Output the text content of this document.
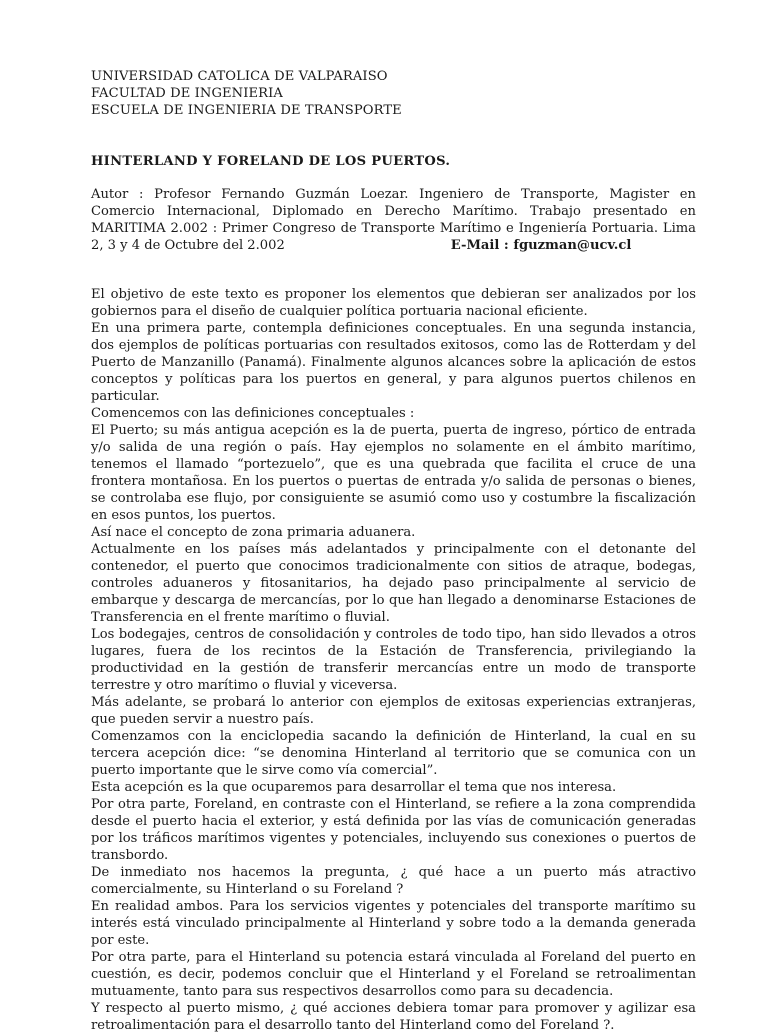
UNIVERSIDAD CATOLICA DE VALPARAISO
FACULTAD DE INGENIERIA
ESCUELA DE INGENIERIA DE TRANSPORTE
HINTERLAND Y FORELAND DE LOS PUERTOS.
Autor : Profesor Fernando Guzmán Loezar. Ingeniero de Transporte, Magister en Comercio Internacional, Diplomado en Derecho Marítimo. Trabajo presentado en MARITIMA 2.002 : Primer Congreso de Transporte Marítimo e Ingeniería Portuaria. Lima 2, 3 y 4 de Octubre del 2.002	E-Mail : fguzman@ucv.cl

El objetivo de este texto es proponer los elementos que debieran ser analizados por los gobiernos para el diseño de cualquier política portuaria nacional eficiente.

En una primera parte, contempla definiciones conceptuales. En una segunda instancia, dos ejemplos de políticas portuarias con resultados exitosos, como las de Rotterdam y del Puerto de Manzanillo (Panamá). Finalmente algunos alcances sobre la aplicación de estos conceptos y políticas para los puertos en general, y para algunos puertos chilenos en particular.

Comencemos con las definiciones conceptuales :

El Puerto; su más antigua acepción es la de puerta, puerta de ingreso, pórtico de entrada y/o salida de una región o país. Hay ejemplos no solamente en el ámbito marítimo, tenemos el llamado “portezuelo”, que es una quebrada que facilita el cruce de una frontera montañosa. En los puertos o puertas de entrada y/o salida de personas o bienes, se controlaba ese flujo, por consiguiente se asumió como uso y costumbre la fiscalización en esos puntos, los puertos.

Así nace el concepto de zona primaria aduanera.

Actualmente en los países más adelantados y principalmente con el detonante del contenedor, el puerto que conocimos tradicionalmente con sitios de atraque, bodegas, controles aduaneros y fitosanitarios, ha dejado paso principalmente al servicio de embarque y descarga de mercancías, por lo que han llegado a denominarse Estaciones de Transferencia en el frente marítimo o fluvial.

Los bodegajes, centros de consolidación y controles de todo tipo, han sido llevados a otros lugares, fuera de los recintos de la Estación de Transferencia, privilegiando la productividad en la gestión de transferir mercancías entre un modo de transporte terrestre y otro marítimo o fluvial y viceversa.

Más adelante, se probará lo anterior con ejemplos de exitosas experiencias extranjeras, que pueden servir a nuestro país.

Comenzamos con la enciclopedia sacando la definición de Hinterland, la cual en su tercera acepción dice: “se denomina Hinterland al territorio que se comunica con un puerto importante que le sirve como vía comercial”.

Esta acepción es la que ocuparemos para desarrollar el tema que nos interesa.

Por otra parte, Foreland, en contraste con el Hinterland, se refiere a la zona comprendida desde el puerto hacia el exterior, y está definida por las vías de comunicación generadas por los tráficos marítimos vigentes y potenciales, incluyendo sus conexiones o puertos de transbordo.

De inmediato nos hacemos la pregunta, ¿ qué hace a un puerto más atractivo comercialmente, su Hinterland o su Foreland ?

En realidad ambos. Para los servicios vigentes y potenciales del transporte marítimo su interés está vinculado principalmente al Hinterland y sobre todo a la demanda generada por este.

Por otra parte, para el Hinterland su potencia estará vinculada al Foreland del puerto en cuestión, es decir, podemos concluir que el Hinterland y el Foreland se retroalimentan mutuamente, tanto para sus respectivos desarrollos como para su decadencia.

Y respecto al puerto mismo, ¿ qué acciones debiera tomar para promover y agilizar esa retroalimentación para el desarrollo tanto del Hinterland como del Foreland ?.
